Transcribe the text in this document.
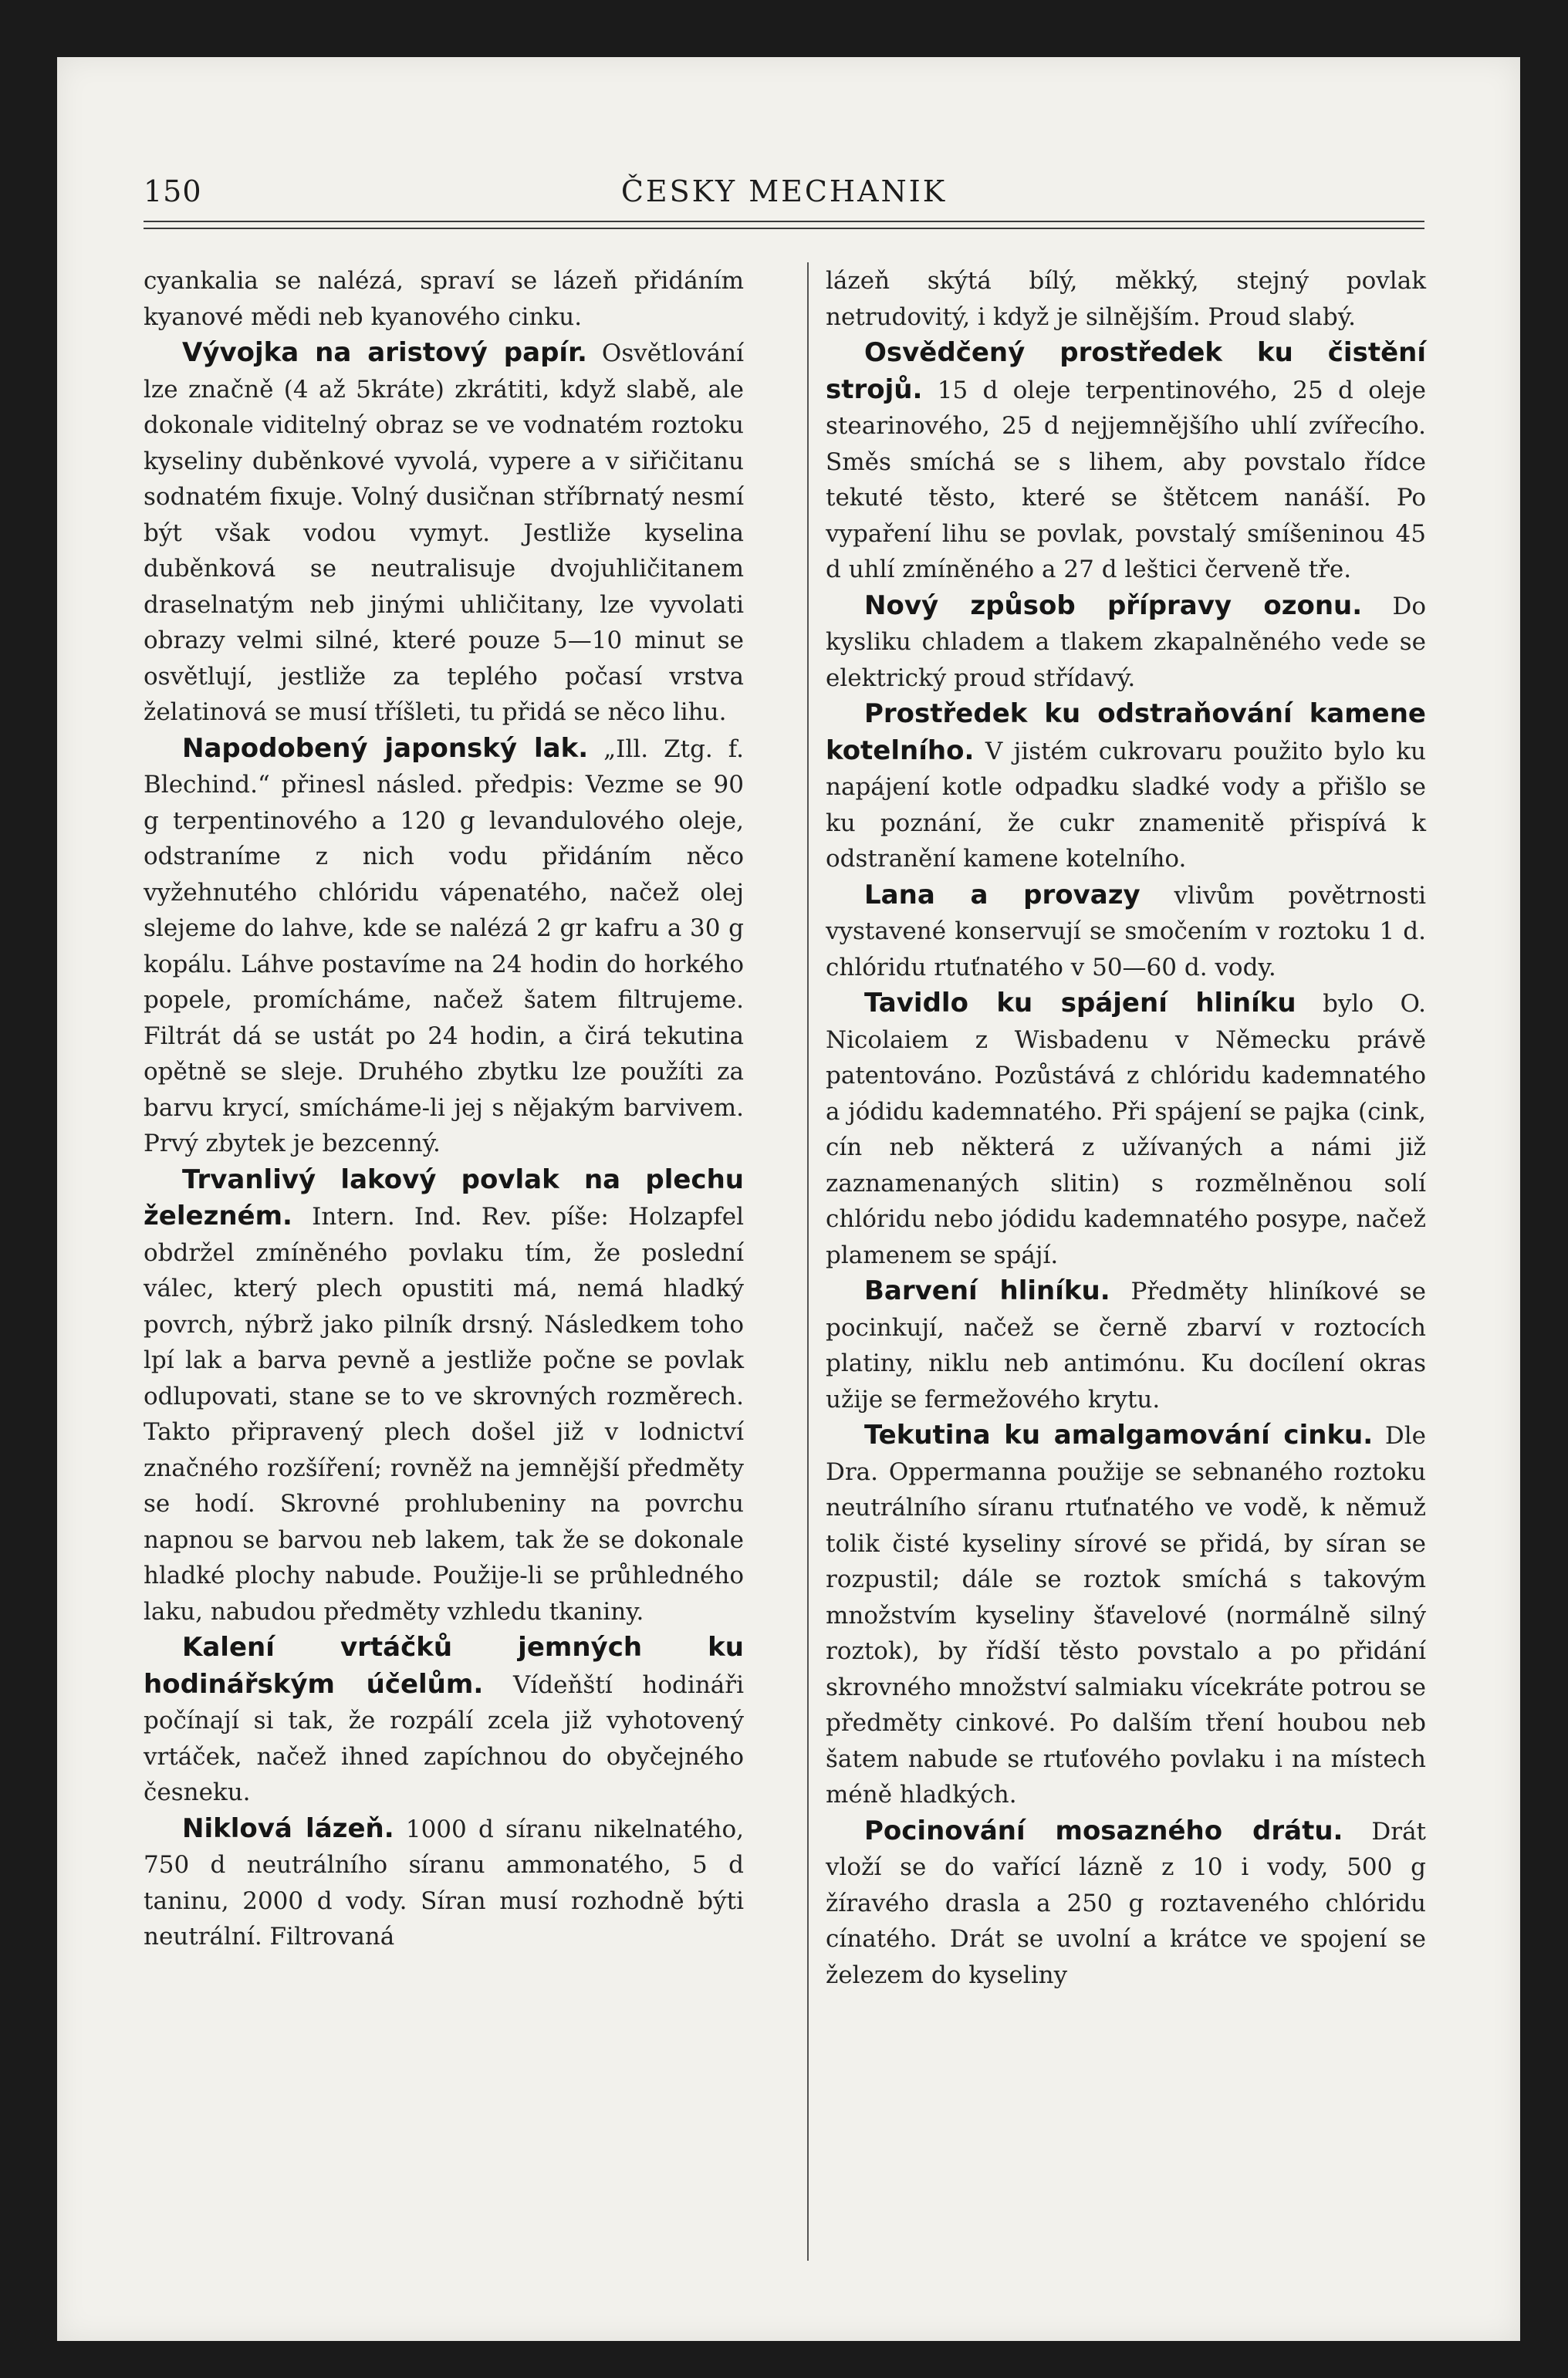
150	ČESKY MECHANIK

cyankalia se nalézá, spraví se lázeň přidáním kyanové mědi neb kyanového cinku.

Vývojka na aristový papír. Osvětlování lze značně (4 až 5kráte) zkrátiti, když slabě, ale dokonale viditelný obraz se ve vodnatém roztoku kyseliny duběnkové vyvolá, vypere a v siřičitanu sodnatém fixuje. Volný dusičnan stříbrnatý nesmí být však vodou vymyt. Jestliže kyselina duběnková se neutralisuje dvojuhličitanem draselnatým neb jinými uhličitany, lze vyvolati obrazy velmi silné, které pouze 5—10 minut se osvětlují, jestliže za teplého počasí vrstva želatinová se musí tříšleti, tu přidá se něco lihu.

Napodobený japonský lak. „Ill. Ztg. f. Blechind.“ přinesl násled. předpis: Vezme se 90 g terpentinového a 120 g levandulového oleje, odstraníme z nich vodu přidáním něco vyžehnutého chlóridu vápenatého, načež olej slejeme do lahve, kde se nalézá 2 gr kafru a 30 g kopálu. Láhve postavíme na 24 hodin do horkého popele, promícháme, načež šatem filtrujeme. Filtrát dá se ustát po 24 hodin, a čirá tekutina opětně se sleje. Druhého zbytku lze použíti za barvu krycí, smícháme-li jej s nějakým barvivem. Prvý zbytek je bezcenný.

Trvanlivý lakový povlak na plechu železném. Intern. Ind. Rev. píše: Holzapfel obdržel zmíněného povlaku tím, že poslední válec, který plech opustiti má, nemá hladký povrch, nýbrž jako pilník drsný. Následkem toho lpí lak a barva pevně a jestliže počne se povlak odlupovati, stane se to ve skrovných rozměrech. Takto připravený plech došel již v lodnictví značného rozšíření; rovněž na jemnější předměty se hodí. Skrovné prohlubeniny na povrchu napnou se barvou neb lakem, tak že se dokonale hladké plochy nabude. Použije-li se průhledného laku, nabudou předměty vzhledu tkaniny.

Kalení vrtáčků jemných ku hodinářským účelům. Vídeňští hodináři počínají si tak, že rozpálí zcela již vyhotovený vrtáček, načež ihned zapíchnou do obyčejného česneku.

Niklová lázeň. 1000 d síranu nikelnatého, 750 d neutrálního síranu ammonatého, 5 d taninu, 2000 d vody. Síran musí rozhodně býti neutrální. Filtrovaná

lázeň skýtá bílý, měkký, stejný povlak netrudovitý, i když je silnějším. Proud slabý.

Osvědčený prostředek ku čistění strojů. 15 d oleje terpentinového, 25 d oleje stearinového, 25 d nejjemnějšího uhlí zvířecího. Směs smíchá se s lihem, aby povstalo řídce tekuté těsto, které se štětcem nanáší. Po vypaření lihu se povlak, povstalý smíšeninou 45 d uhlí zmíněného a 27 d leštici červeně tře.

Nový způsob přípravy ozonu. Do kysliku chladem a tlakem zkapalněného vede se elektrický proud střídavý.

Prostředek ku odstraňování kamene kotelního. V jistém cukrovaru použito bylo ku napájení kotle odpadku sladké vody a přišlo se ku poznání, že cukr znamenitě přispívá k odstranění kamene kotelního.

Lana a provazy vlivům povětrnosti vystavené konservují se smočením v roztoku 1 d. chlóridu rtuťnatého v 50—60 d. vody.

Tavidlo ku spájení hliníku bylo O. Nicolaiem z Wisbadenu v Německu právě patentováno. Pozůstává z chlóridu kademnatého a jódidu kademnatého. Při spájení se pajka (cink, cín neb některá z užívaných a námi již zaznamenaných slitin) s rozmělněnou solí chlóridu nebo jódidu kademnatého posype, načež plamenem se spájí.

Barvení hliníku. Předměty hliníkové se pocinkují, načež se černě zbarví v roztocích platiny, niklu neb antimónu. Ku docílení okras užije se fermežového krytu.

Tekutina ku amalgamování cinku. Dle Dra. Oppermanna použije se sebnaného roztoku neutrálního síranu rtuťnatého ve vodě, k němuž tolik čisté kyseliny sírové se přidá, by síran se rozpustil; dále se roztok smíchá s takovým množstvím kyseliny šťavelové (normálně silný roztok), by řídší těsto povstalo a po přidání skrovného množství salmiaku vícekráte potrou se předměty cinkové. Po dalším tření houbou neb šatem nabude se rtuťového povlaku i na místech méně hladkých.

Pocinování mosazného drátu. Drát vloží se do vařící lázně z 10 i vody, 500 g žíravého drasla a 250 g roztaveného chlóridu cínatého. Drát se uvolní a krátce ve spojení se železem do kyseliny
